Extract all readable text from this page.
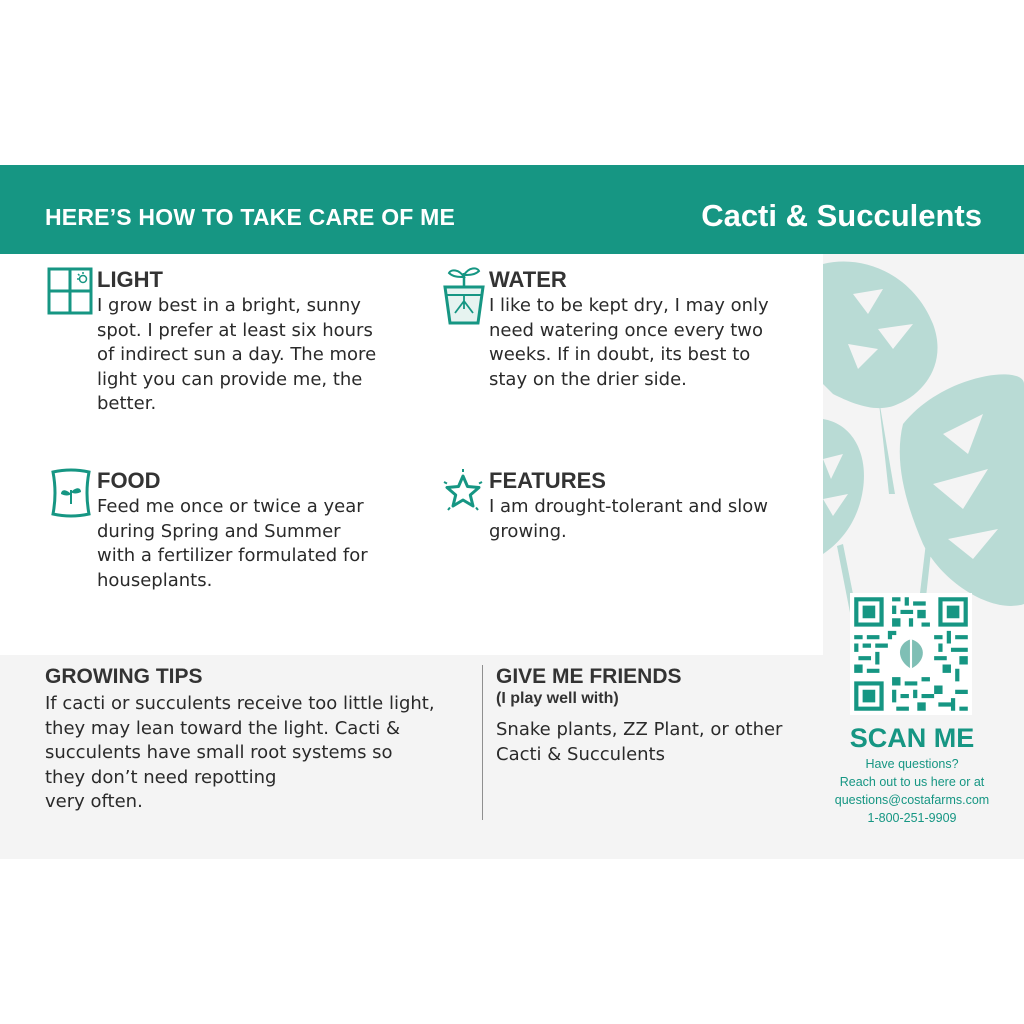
HERE’S HOW TO TAKE CARE OF ME	Cacti & Succulents
LIGHT
I grow best in a bright, sunny
spot. I prefer at least six hours
of indirect sun a day. The more
light you can provide me, the
better.
WATER
I like to be kept dry, I may only
need watering once every two
weeks. If in doubt, its best to
stay on the drier side.
FOOD
Feed me once or twice a year
during Spring and Summer
with a fertilizer formulated for
houseplants.
FEATURES
I am drought-tolerant and slow
growing.
GROWING TIPS
If cacti or succulents receive too little light,
they may lean toward the light. Cacti &
succulents have small root systems so
they don’t need repotting
very often.
GIVE ME FRIENDS
(I play well with)
Snake plants, ZZ Plant, or other
Cacti & Succulents
SCAN ME
Have questions?
Reach out to us here or at
questions@costafarms.com
1-800-251-9909
